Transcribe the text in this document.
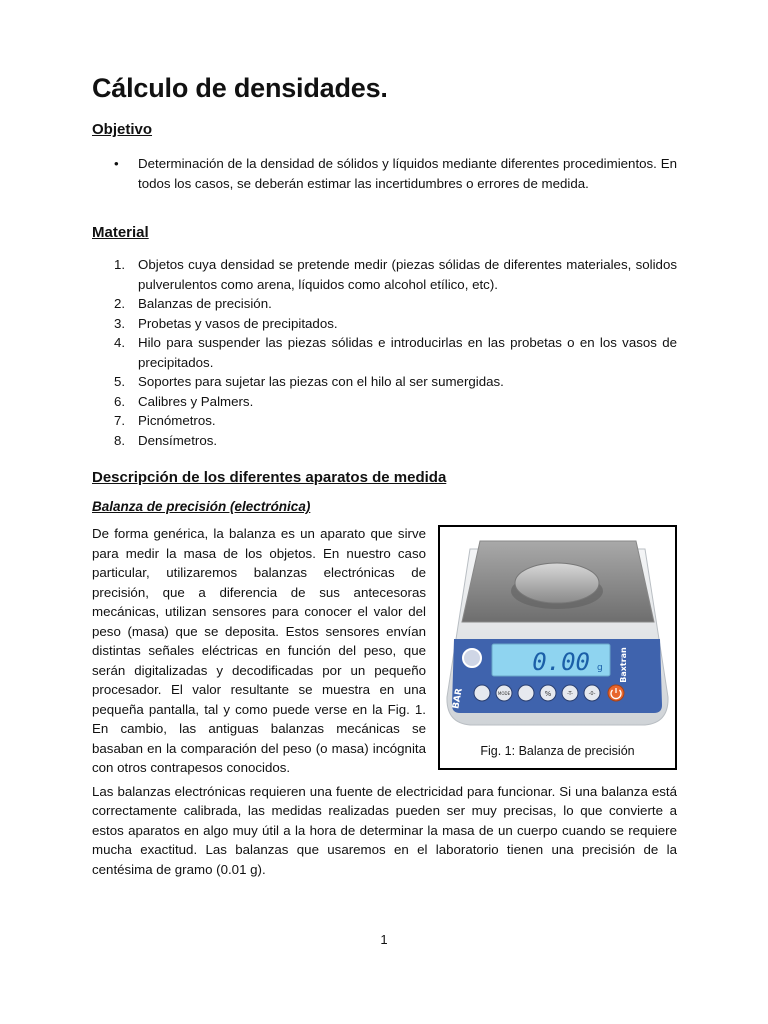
Cálculo de densidades.
Objetivo
• Determinación de la densidad de sólidos y líquidos mediante diferentes procedimientos. En todos los casos, se deberán estimar las incertidumbres o errores de medida.
Material
1. Objetos cuya densidad se pretende medir (piezas sólidas de diferentes materiales, solidos pulverulentos como arena, líquidos como alcohol etílico, etc).
2. Balanzas de precisión.
3. Probetas y vasos de precipitados.
4. Hilo para suspender las piezas sólidas e introducirlas en las probetas o en los vasos de precipitados.
5. Soportes para sujetar las piezas con el hilo al ser sumergidas.
6. Calibres y Palmers.
7. Picnómetros.
8. Densímetros.
Descripción de los diferentes aparatos de medida
Balanza de precisión (electrónica)
0.00 g Baxtran
BAR	MODE	%	-T-	-0-
Fig. 1: Balanza de precisión

De forma genérica, la balanza es un aparato que sirve para medir la masa de los objetos. En nuestro caso particular, utilizaremos balanzas electrónicas de precisión, que a diferencia de sus antecesoras mecánicas, utilizan sensores para conocer el valor del peso (masa) que se deposita. Estos sensores envían distintas señales eléctricas en función del peso, que serán digitalizadas y decodificadas por un pequeño procesador. El valor resultante se muestra en una pequeña pantalla, tal y como puede verse en la Fig. 1. En cambio, las antiguas balanzas mecánicas se basaban en la comparación del peso (o masa) incógnita con otros contrapesos conocidos.

Las balanzas electrónicas requieren una fuente de electricidad para funcionar. Si una balanza está correctamente calibrada, las medidas realizadas pueden ser muy precisas, lo que convierte a estos aparatos en algo muy útil a la hora de determinar la masa de un cuerpo cuando se requiere mucha exactitud. Las balanzas que usaremos en el laboratorio tienen una precisión de la centésima de gramo (0.01 g).

1
